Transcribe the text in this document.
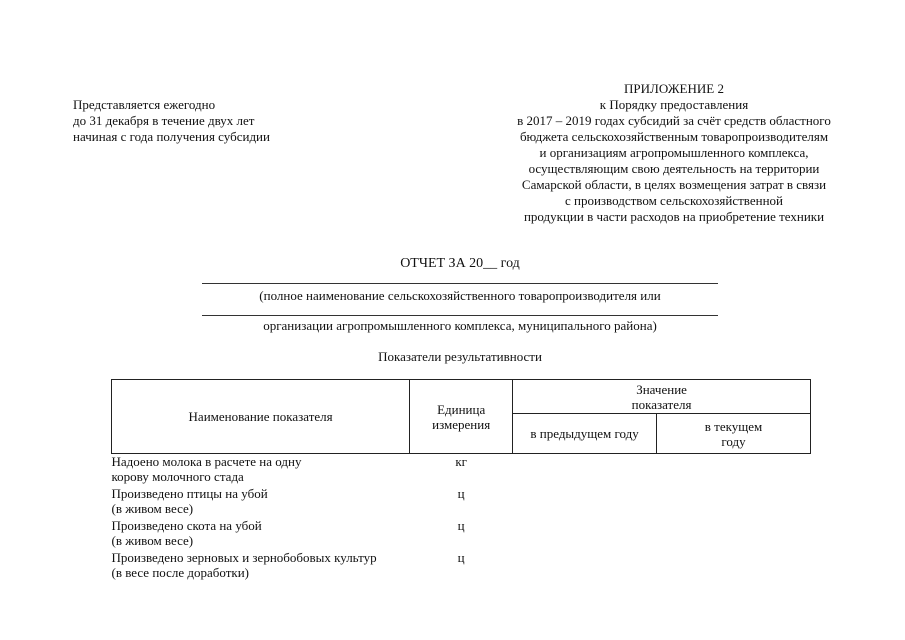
Представляется ежегодно
до 31 декабря в течение двух лет
начиная с года получения субсидии
ПРИЛОЖЕНИЕ 2
к Порядку предоставления
в 2017 – 2019 годах субсидий за счёт средств областного
бюджета сельскохозяйственным товаропроизводителям
и организациям агропромышленного комплекса,
осуществляющим свою деятельность на территории
Самарской области, в целях возмещения затрат в связи
с производством сельскохозяйственной
продукции в части расходов на приобретение техники
ОТЧЕТ ЗА 20__ год
(полное наименование сельскохозяйственного товаропроизводителя или
организации агропромышленного комплекса, муниципального района)
Показатели результативности
Наименование показателя	Единица измерения	Значение показателя	
		в предыдущем году	в текущем году

Надоено молока в расчете на одну
корову молочного стада	кг		

Произведено птицы на убой
(в живом весе)	ц		

Произведено скота на убой
(в живом весе)	ц		

Произведено зерновых и зернобобовых культур
(в весе после доработки)	ц		
